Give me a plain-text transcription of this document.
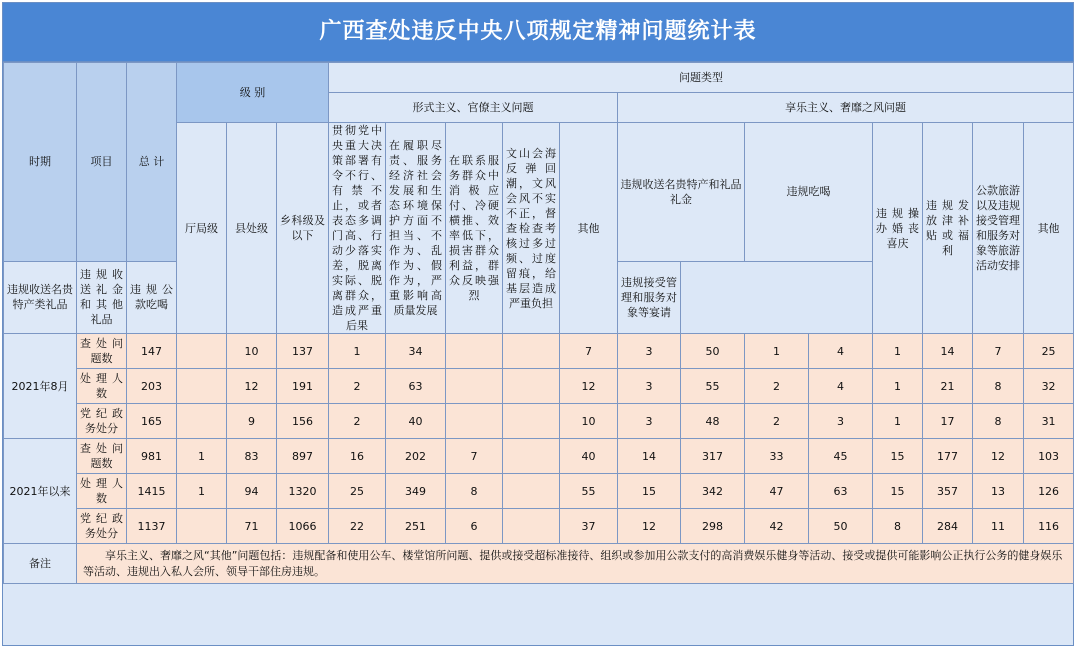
广西查处违反中央八项规定精神问题统计表
时期	项目	总 计	级 别			问题类型												
						形式主义、官僚主义问题					享乐主义、奢靡之风问题							
			厅局级	县处级	乡科级及以下	贯彻党中央重大决策部署有令不行、有禁不止，或者表态多调门高、行动少落实差，脱离实际、脱离群众，造成严重后果	在履职尽责、服务经济社会发展和生态环境保护方面不担当、不作为、乱作为、假作为，严重影响高质量发展	在联系服务群众中消极应付、冷硬横推、效率低下，损害群众利益，群众反映强烈	文山会海反弹回潮，文风会风不实不正，督查检查考核过多过频、过度留痕，给基层造成严重负担	其他	违规收送名贵特产和礼品礼金		违规吃喝		违规操办婚丧喜庆	违规发放津补贴或福利	公款旅游以及违规接受管理和服务对象等旅游活动安排	其他
违规收送名贵特产类礼品	违规收送礼金和其他礼品	违规公款吃喝									违规接受管理和服务对象等宴请							
2021年8月	查处问题数	147		10	137	1	34			7	3	50	1	4	1	14	7	25
	处理人数	203		12	191	2	63			12	3	55	2	4	1	21	8	32
	党纪政务处分	165		9	156	2	40			10	3	48	2	3	1	17	8	31
2021年以来	查处问题数	981	1	83	897	16	202	7		40	14	317	33	45	15	177	12	103
	处理人数	1415	1	94	1320	25	349	8		55	15	342	47	63	15	357	13	126
	党纪政务处分	1137		71	1066	22	251	6		37	12	298	42	50	8	284	11	116
备注	享乐主义、奢靡之风“其他”问题包括：违规配备和使用公车、楼堂馆所问题、提供或接受超标准接待、组织或参加用公款支付的高消费娱乐健身等活动、接受或提供可能影响公正执行公务的健身娱乐等活动、违规出入私人会所、领导干部住房违规。																	
